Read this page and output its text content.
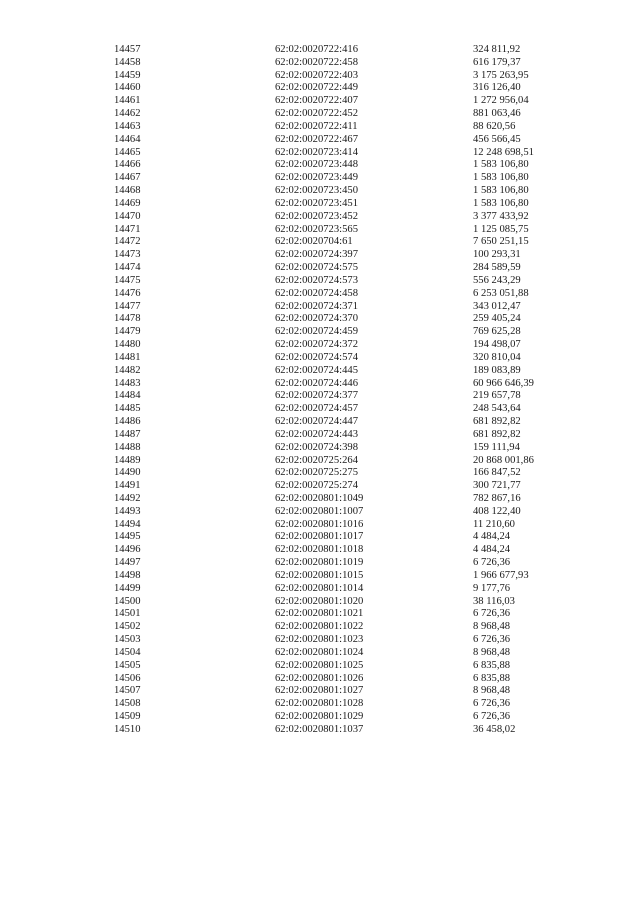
14457	62:02:0020722:416	324 811,92
14458	62:02:0020722:458	616 179,37
14459	62:02:0020722:403	3 175 263,95
14460	62:02:0020722:449	316 126,40
14461	62:02:0020722:407	1 272 956,04
14462	62:02:0020722:452	881 063,46
14463	62:02:0020722:411	88 620,56
14464	62:02:0020722:467	456 566,45
14465	62:02:0020723:414	12 248 698,51
14466	62:02:0020723:448	1 583 106,80
14467	62:02:0020723:449	1 583 106,80
14468	62:02:0020723:450	1 583 106,80
14469	62:02:0020723:451	1 583 106,80
14470	62:02:0020723:452	3 377 433,92
14471	62:02:0020723:565	1 125 085,75
14472	62:02:0020704:61	7 650 251,15
14473	62:02:0020724:397	100 293,31
14474	62:02:0020724:575	284 589,59
14475	62:02:0020724:573	556 243,29
14476	62:02:0020724:458	6 253 051,88
14477	62:02:0020724:371	343 012,47
14478	62:02:0020724:370	259 405,24
14479	62:02:0020724:459	769 625,28
14480	62:02:0020724:372	194 498,07
14481	62:02:0020724:574	320 810,04
14482	62:02:0020724:445	189 083,89
14483	62:02:0020724:446	60 966 646,39
14484	62:02:0020724:377	219 657,78
14485	62:02:0020724:457	248 543,64
14486	62:02:0020724:447	681 892,82
14487	62:02:0020724:443	681 892,82
14488	62:02:0020724:398	159 111,94
14489	62:02:0020725:264	20 868 001,86
14490	62:02:0020725:275	166 847,52
14491	62:02:0020725:274	300 721,77
14492	62:02:0020801:1049	782 867,16
14493	62:02:0020801:1007	408 122,40
14494	62:02:0020801:1016	11 210,60
14495	62:02:0020801:1017	4 484,24
14496	62:02:0020801:1018	4 484,24
14497	62:02:0020801:1019	6 726,36
14498	62:02:0020801:1015	1 966 677,93
14499	62:02:0020801:1014	9 177,76
14500	62:02:0020801:1020	38 116,03
14501	62:02:0020801:1021	6 726,36
14502	62:02:0020801:1022	8 968,48
14503	62:02:0020801:1023	6 726,36
14504	62:02:0020801:1024	8 968,48
14505	62:02:0020801:1025	6 835,88
14506	62:02:0020801:1026	6 835,88
14507	62:02:0020801:1027	8 968,48
14508	62:02:0020801:1028	6 726,36
14509	62:02:0020801:1029	6 726,36
14510	62:02:0020801:1037	36 458,02
